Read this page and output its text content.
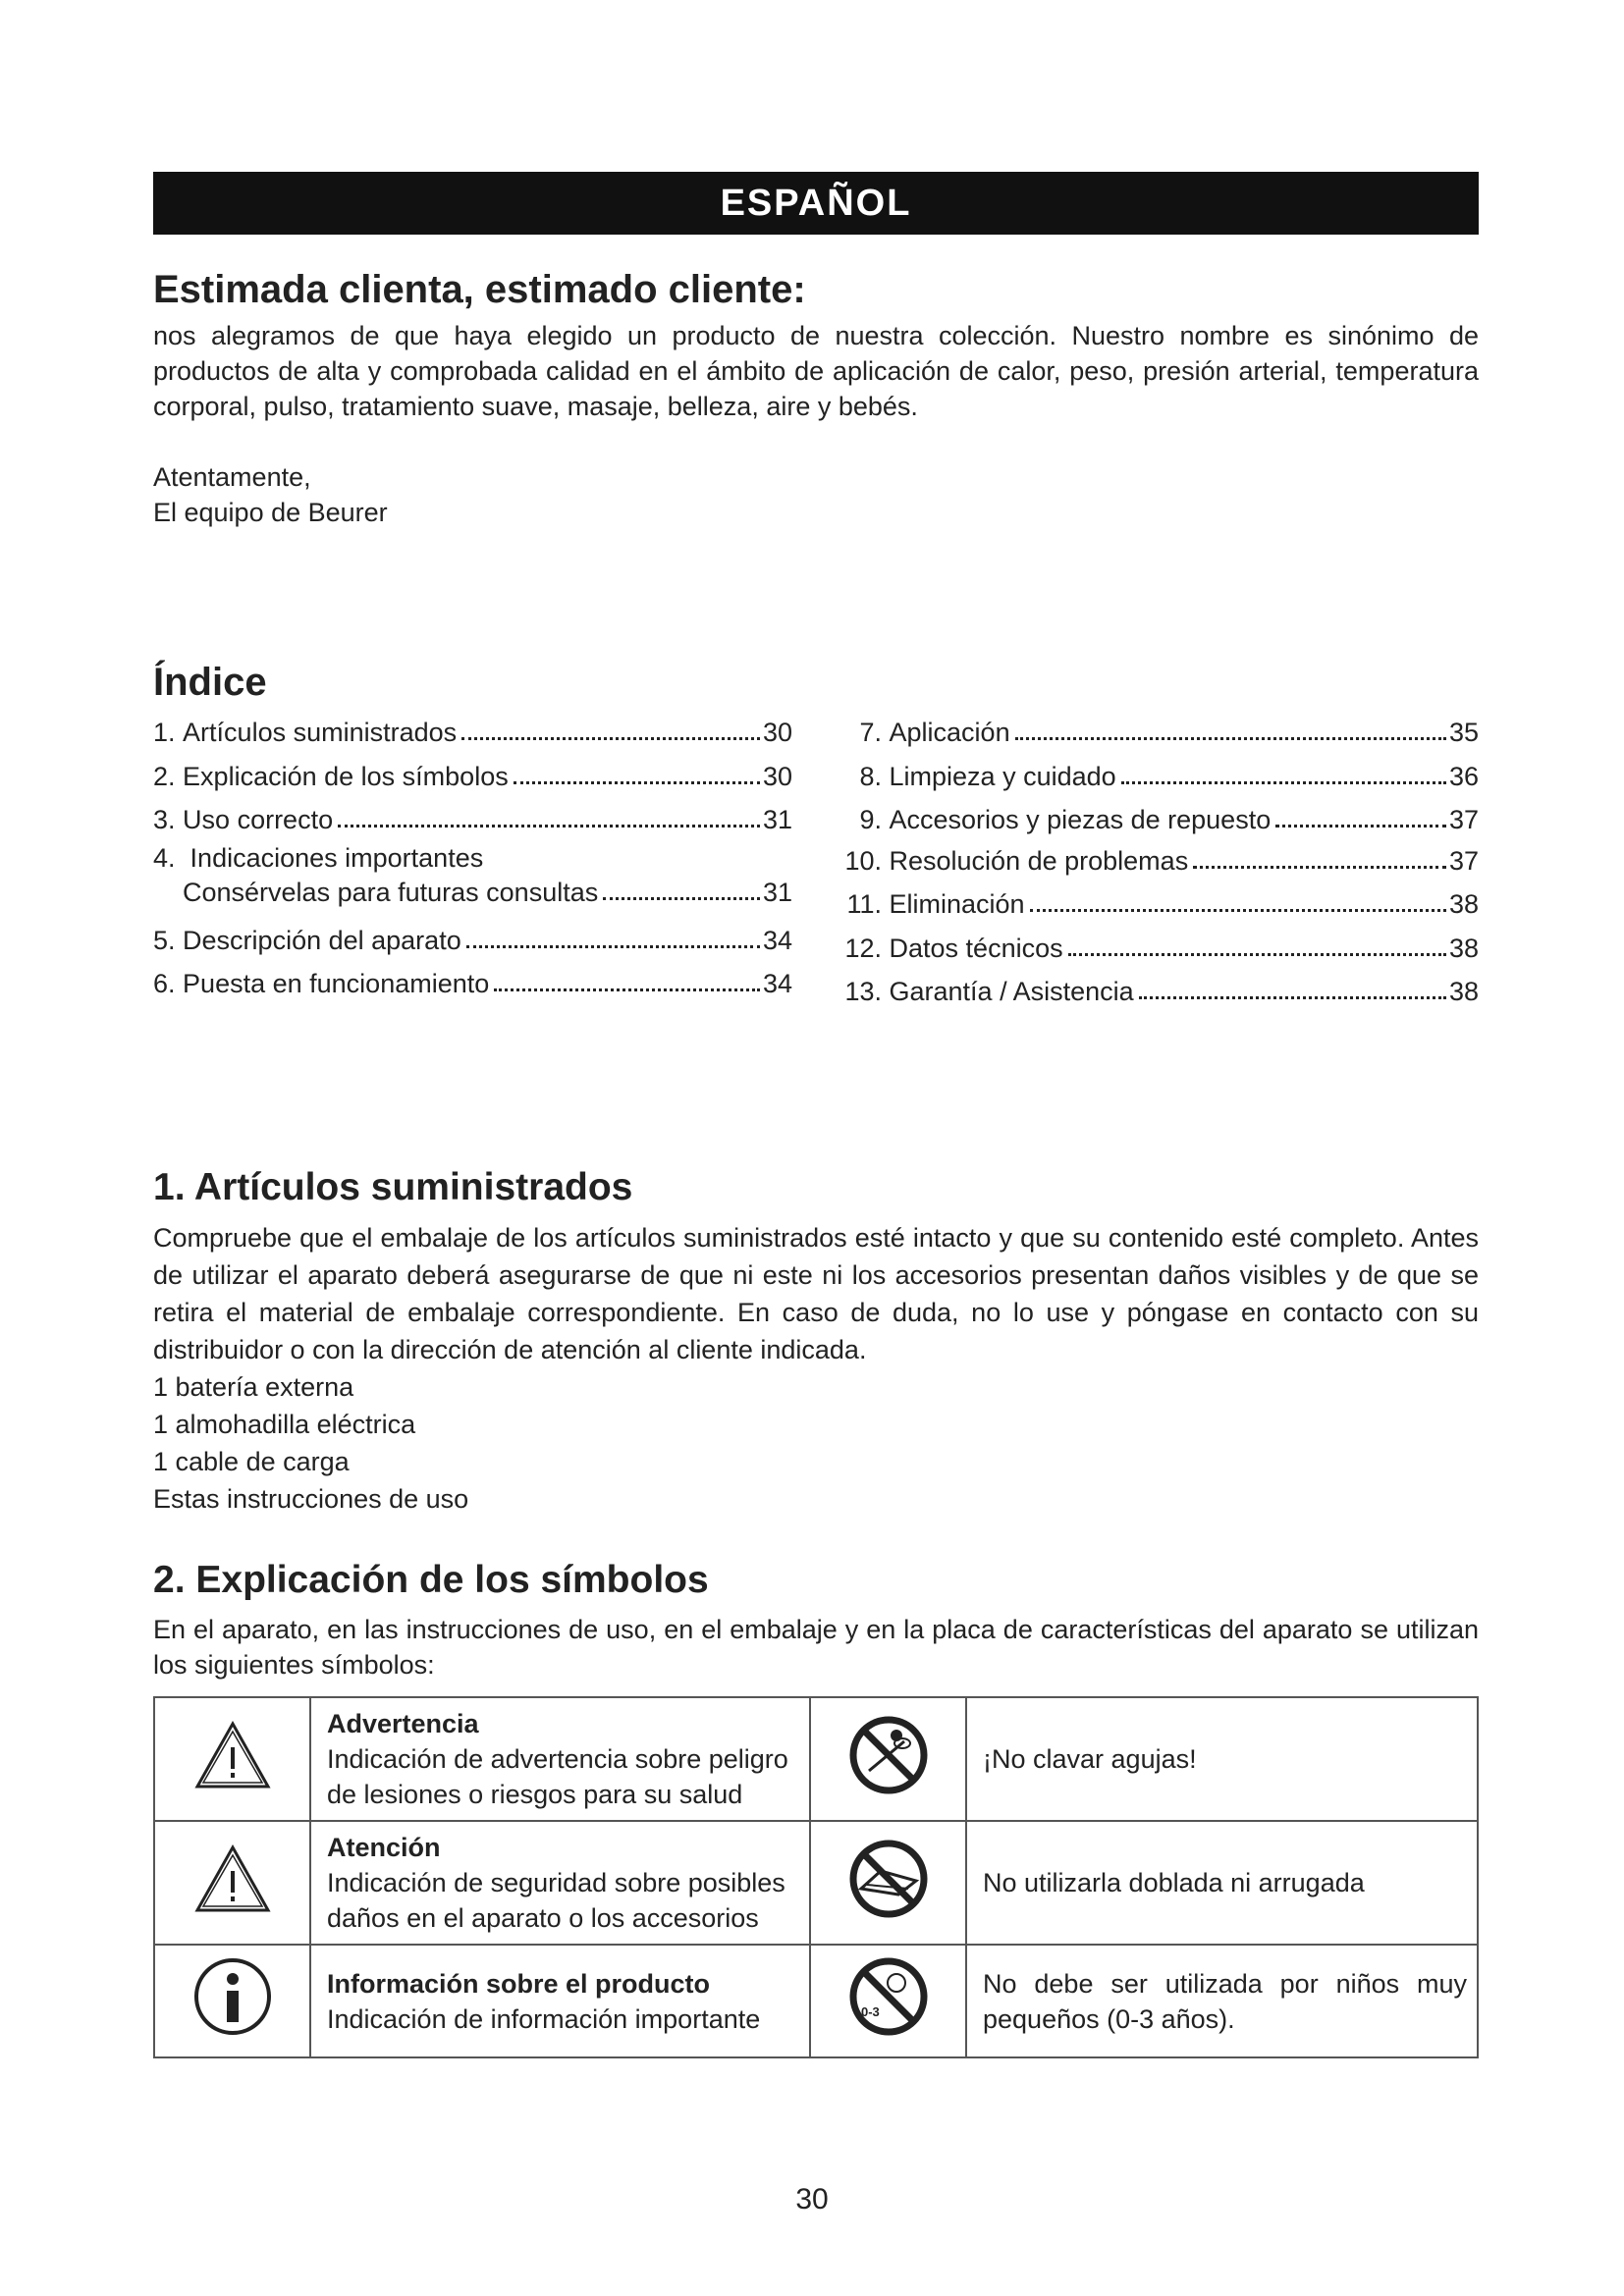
ESPAÑOL
Estimada clienta, estimado cliente:

nos alegramos de que haya elegido un producto de nuestra colección. Nuestro nombre es sinónimo de productos de alta y comprobada calidad en el ámbito de aplicación de calor, peso, presión arterial, temperatura corporal, pulso, tratamiento suave, masaje, belleza, aire y bebés.

Atentamente,

El equipo de Beurer

Índice
1.
Artículos suministrados	30
2.
Explicación de los símbolos	30
3.
Uso correcto	31
4.
Indicaciones importantes
Consérvelas para futuras consultas	31
5.
Descripción del aparato	34
6.
Puesta en funcionamiento	34
7.
Aplicación	35
8.
Limpieza y cuidado	36
9.
Accesorios y piezas de repuesto	37
10.
Resolución de problemas	37
11.
Eliminación	38
12.
Datos técnicos	38
13.
Garantía / Asistencia	38
1. Artículos suministrados

Compruebe que el embalaje de los artículos suministrados esté intacto y que su contenido esté completo. Antes de utilizar el aparato deberá asegurarse de que ni este ni los accesorios presentan daños visibles y de que se retira el material de embalaje correspondiente. En caso de duda, no lo use y póngase en contacto con su distribuidor o con la dirección de atención al cliente indicada.

1 batería externa

1 almohadilla eléctrica

1 cable de carga

Estas instrucciones de uso

2. Explicación de los símbolos

En el aparato, en las instrucciones de uso, en el embalaje y en la placa de características del aparato se utilizan los siguientes símbolos:

Advertencia
Indicación de advertencia sobre peligro de lesiones o riesgos para su salud		¡No clavar agujas!

Atención
Indicación de seguridad sobre posibles daños en el aparato o los accesorios		No utilizarla doblada ni arrugada

Información sobre el producto
Indicación de información importante	0-3	No debe ser utilizada por niños muy pequeños (0-3 años).
30
